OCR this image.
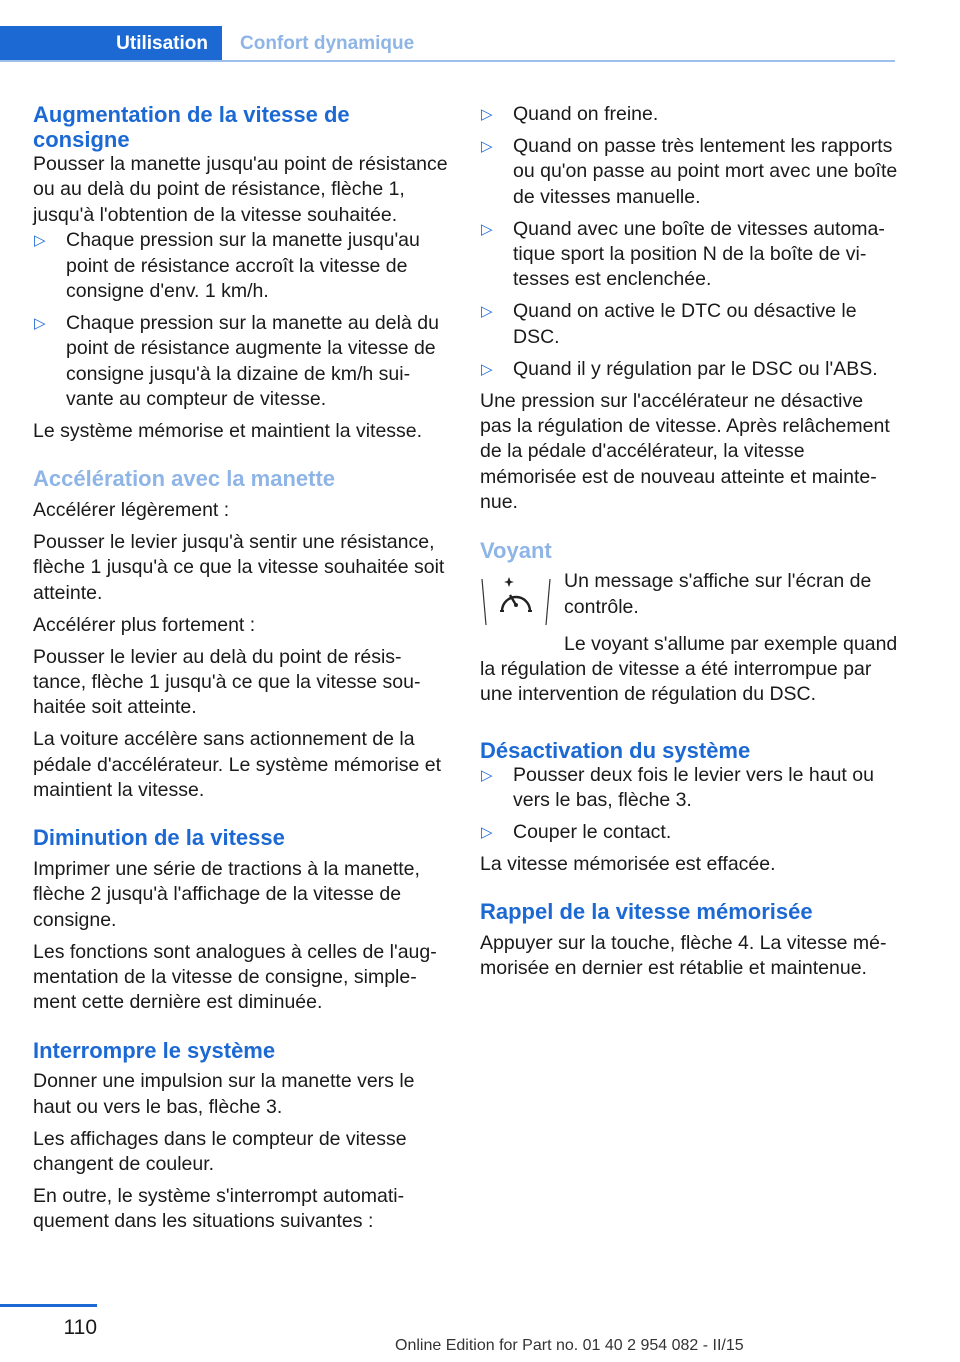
Utilisation	Confort dynamique
Augmentation de la vitesse de consigne

Pousser la manette jusqu'au point de résistance ou au delà du point de résistance, flèche 1, jusqu'à l'obtention de la vitesse souhaitée.

▷ Chaque pression sur la manette jusqu'au point de résistance accroît la vitesse de consigne d'env. 1 km/h.
▷ Chaque pression sur la manette au delà du point de résistance augmente la vitesse de consigne jusqu'à la dizaine de km/h suivante au compteur de vitesse.

Le système mémorise et maintient la vitesse.

Accélération avec la manette

Accélérer légèrement :

Pousser le levier jusqu'à sentir une résistance, flèche 1 jusqu'à ce que la vitesse souhaitée soit atteinte.

Accélérer plus fortement :

Pousser le levier au delà du point de résistance, flèche 1 jusqu'à ce que la vitesse souhaitée soit atteinte.

La voiture accélère sans actionnement de la pédale d'accélérateur. Le système mémorise et maintient la vitesse.

Diminution de la vitesse

Imprimer une série de tractions à la manette, flèche 2 jusqu'à l'affichage de la vitesse de consigne.

Les fonctions sont analogues à celles de l'augmentation de la vitesse de consigne, simplement cette dernière est diminuée.

Interrompre le système

Donner une impulsion sur la manette vers le haut ou vers le bas, flèche 3.

Les affichages dans le compteur de vitesse changent de couleur.

En outre, le système s'interrompt automatiquement dans les situations suivantes :

▷ Quand on freine.
▷ Quand on passe très lentement les rapports ou qu'on passe au point mort avec une boîte de vitesses manuelle.
▷ Quand avec une boîte de vitesses automatique sport la position N de la boîte de vitesses est enclenchée.
▷ Quand on active le DTC ou désactive le DSC.
▷ Quand il y régulation par le DSC ou l'ABS.

Une pression sur l'accélérateur ne désactive pas la régulation de vitesse. Après relâchement de la pédale d'accélérateur, la vitesse mémorisée est de nouveau atteinte et maintenue.

Voyant

Un message s'affiche sur l'écran de contrôle.

Le voyant s'allume par exemple quand la régulation de vitesse a été interrompue par une intervention de régulation du DSC.

Désactivation du système
▷ Pousser deux fois le levier vers le haut ou vers le bas, flèche 3.
▷ Couper le contact.

La vitesse mémorisée est effacée.

Rappel de la vitesse mémorisée

Appuyer sur la touche, flèche 4. La vitesse mémorisée en dernier est rétablie et maintenue.

110
Online Edition for Part no. 01 40 2 954 082 - II/15
